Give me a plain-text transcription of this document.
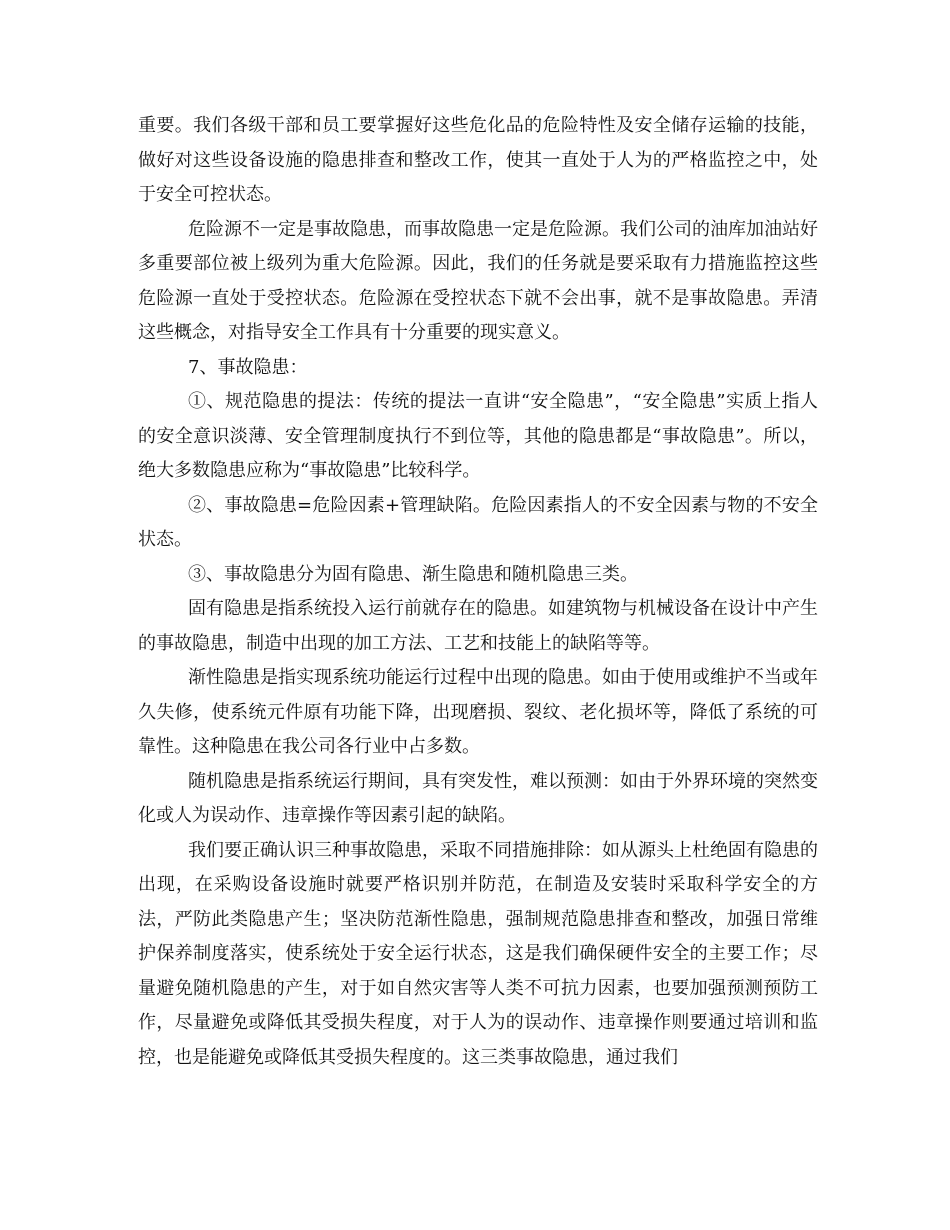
重要。我们各级干部和员工要掌握好这些危化品的危险特性及安全储存运输的技能，做好对这些设备设施的隐患排查和整改工作，使其一直处于人为的严格监控之中，处于安全可控状态。

危险源不一定是事故隐患，而事故隐患一定是危险源。我们公司的油库加油站好多重要部位被上级列为重大危险源。因此，我们的任务就是要采取有力措施监控这些危险源一直处于受控状态。危险源在受控状态下就不会出事，就不是事故隐患。弄清这些概念，对指导安全工作具有十分重要的现实意义。

7、事故隐患：

①、规范隐患的提法：传统的提法一直讲“安全隐患”，“安全隐患”实质上指人的安全意识淡薄、安全管理制度执行不到位等，其他的隐患都是“事故隐患”。所以，绝大多数隐患应称为“事故隐患”比较科学。

②、事故隐患=危险因素+管理缺陷。危险因素指人的不安全因素与物的不安全状态。

③、事故隐患分为固有隐患、渐生隐患和随机隐患三类。

固有隐患是指系统投入运行前就存在的隐患。如建筑物与机械设备在设计中产生的事故隐患，制造中出现的加工方法、工艺和技能上的缺陷等等。

渐性隐患是指实现系统功能运行过程中出现的隐患。如由于使用或维护不当或年久失修，使系统元件原有功能下降，出现磨损、裂纹、老化损坏等，降低了系统的可靠性。这种隐患在我公司各行业中占多数。

随机隐患是指系统运行期间，具有突发性，难以预测：如由于外界环境的突然变化或人为误动作、违章操作等因素引起的缺陷。

我们要正确认识三种事故隐患，采取不同措施排除：如从源头上杜绝固有隐患的出现，在采购设备设施时就要严格识别并防范，在制造及安装时采取科学安全的方法，严防此类隐患产生；坚决防范渐性隐患，强制规范隐患排查和整改，加强日常维护保养制度落实，使系统处于安全运行状态，这是我们确保硬件安全的主要工作；尽量避免随机隐患的产生，对于如自然灾害等人类不可抗力因素，也要加强预测预防工作，尽量避免或降低其受损失程度，对于人为的误动作、违章操作则要通过培训和监控，也是能避免或降低其受损失程度的。这三类事故隐患，通过我们
